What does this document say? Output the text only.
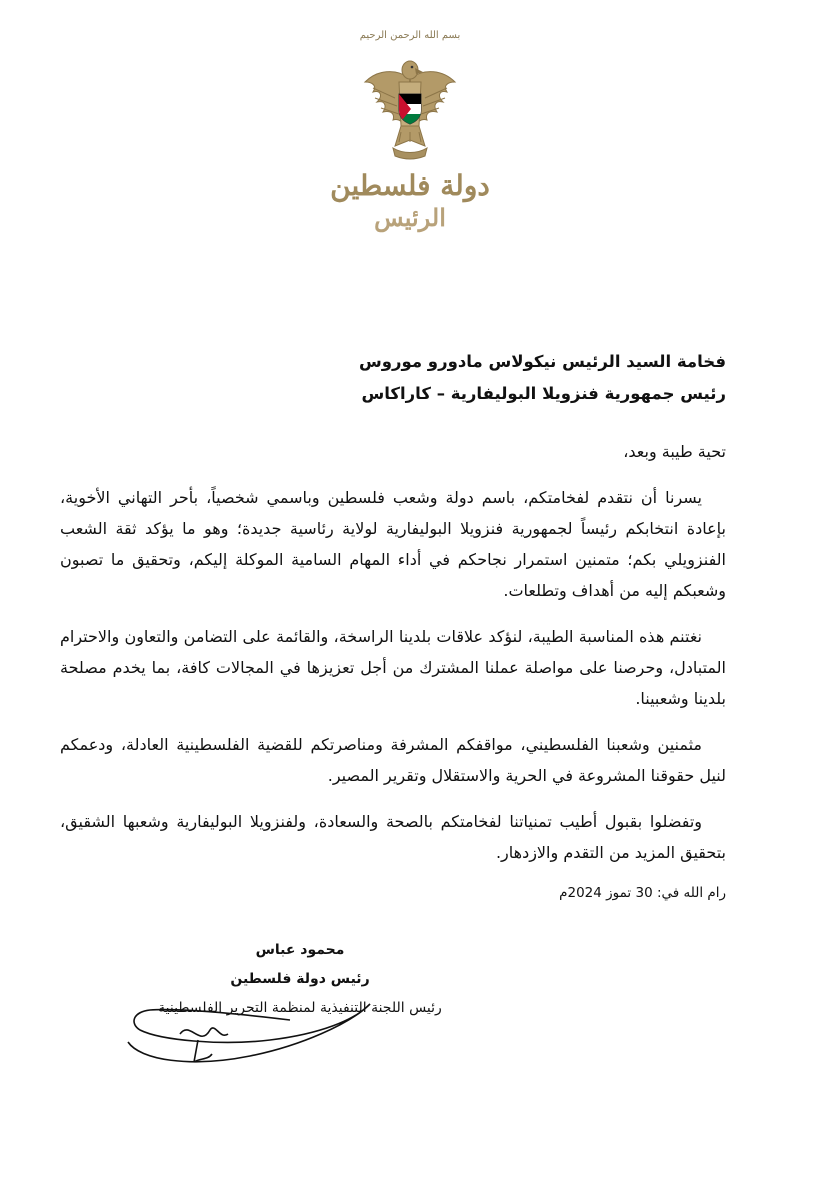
بسم الله الرحمن الرحيم
دولة فلسطين
الرئيس

فخامة السيد الرئيس نيكولاس مادورو موروس

رئيس جمهورية فنزويلا البوليفارية – كاراكاس

تحية طيبة وبعد،

يسرنا أن نتقدم لفخامتكم، باسم دولة وشعب فلسطين وباسمي شخصياً، بأحر التهاني الأخوية، بإعادة انتخابكم رئيساً لجمهورية فنزويلا البوليفارية لولاية رئاسية جديدة؛ وهو ما يؤكد ثقة الشعب الفنزويلي بكم؛ متمنين استمرار نجاحكم في أداء المهام السامية الموكلة إليكم، وتحقيق ما تصبون وشعبكم إليه من أهداف وتطلعات.

نغتنم هذه المناسبة الطيبة، لنؤكد علاقات بلدينا الراسخة، والقائمة على التضامن والتعاون والاحترام المتبادل، وحرصنا على مواصلة عملنا المشترك من أجل تعزيزها في المجالات كافة، بما يخدم مصلحة بلدينا وشعبينا.

مثمنين وشعبنا الفلسطيني، مواقفكم المشرفة ومناصرتكم للقضية الفلسطينية العادلة، ودعمكم لنيل حقوقنا المشروعة في الحرية والاستقلال وتقرير المصير.

وتفضلوا بقبول أطيب تمنياتنا لفخامتكم بالصحة والسعادة، ولفنزويلا البوليفارية وشعبها الشقيق، بتحقيق المزيد من التقدم والازدهار.

رام الله في: 30 تموز 2024م

محمود عباس

رئيس دولة فلسطين

رئيس اللجنة التنفيذية لمنظمة التحرير الفلسطينية
